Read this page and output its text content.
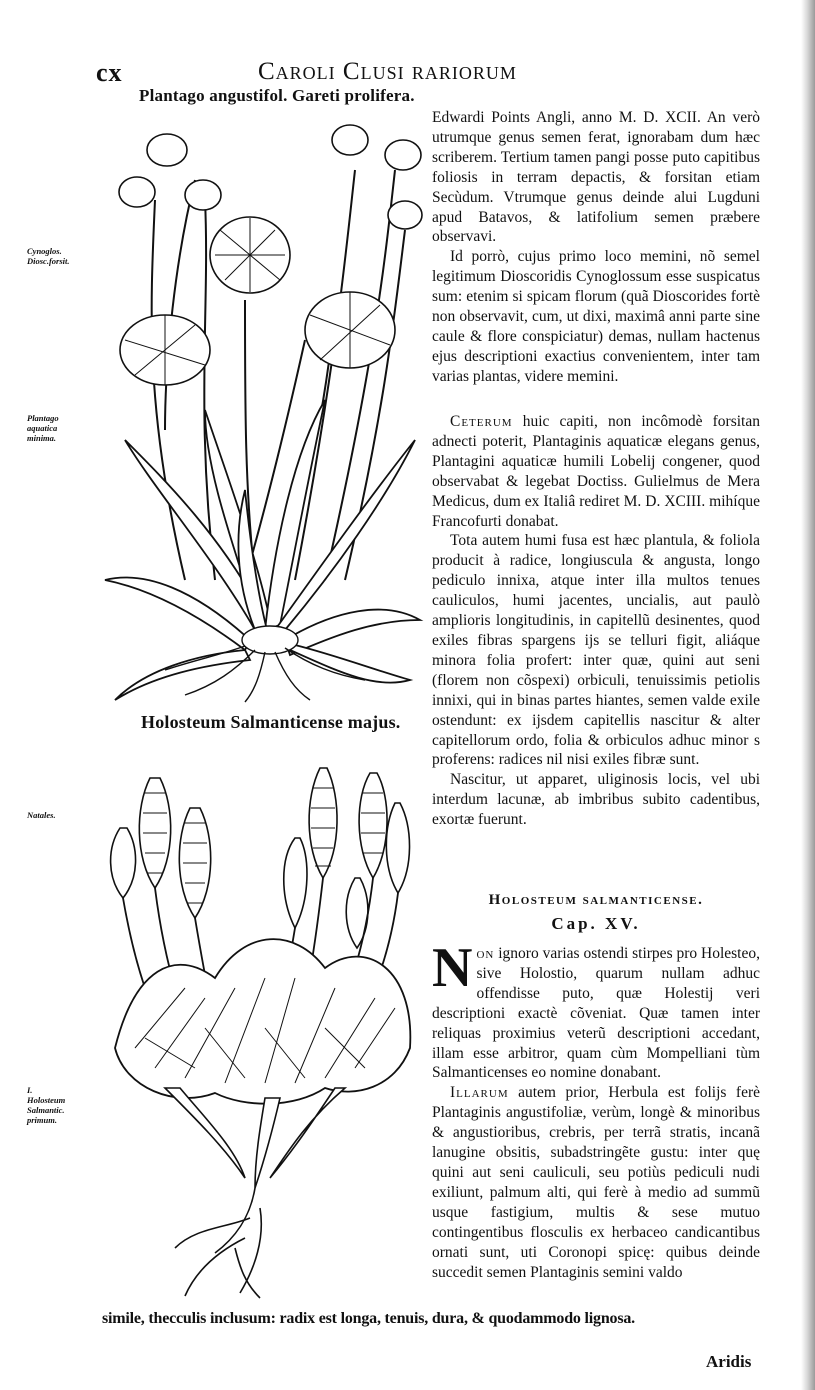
cx	Caroli Clusi rariorum
Plantago angustifol. Gareti prolifera.
Cynoglos.
Diosc.forsit.
Plantago
aquatica
minima.
Natales.
I.
Holosteum
Salmantic.
primum.
Holosteum Salmanticense majus.

Edwardi Points Angli, anno M. D. XCII. An verò utrumque genus semen ferat, ignorabam dum hæc scriberem. Tertium tamen pangi posse puto capitibus foliosis in terram depactis, & forsitan etiam Secùdum. Vtrumque genus deinde alui Lugduni apud Batavos, & latifolium semen præbere observavi.

Id porrò, cujus primo loco memini, nõ semel legitimum Dioscoridis Cynoglossum esse suspicatus sum: etenim si spicam florum (quã Dioscorides fortè non observavit, cum, ut dixi, maximâ anni parte sine caule & flore conspiciatur) demas, nullam hactenus ejus descriptioni exactius convenientem, inter tam varias plantas, videre memini.

Ceterum huic capiti, non incômodè forsitan adnecti poterit, Plantaginis aquaticæ elegans genus, Plantagini aquaticæ humili Lobelij congener, quod observabat & legebat Doctiss. Gulielmus de Mera Medicus, dum ex Italiâ rediret M. D. XCIII. mihíque Francofurti donabat.

Tota autem humi fusa est hæc plantula, & foliola producit à radice, longiuscula & angusta, longo pediculo innixa, atque inter illa multos tenues cauliculos, humi jacentes, uncialis, aut paulò amplioris longitudinis, in capitellũ desinentes, quod exiles fibras spargens ijs se telluri figit, aliáque minora folia profert: inter quæ, quini aut seni (florem non cõspexi) orbiculi, tenuissimis petiolis innixi, qui in binas partes hiantes, semen valde exile ostendunt: ex ijsdem capitellis nascitur & alter capitellorum ordo, folia & orbiculos adhuc minor s proferens: radices nil nisi exiles fibræ sunt.

Nascitur, ut apparet, uliginosis locis, vel ubi interdum lacunæ, ab imbribus subito cadentibus, exortæ fuerunt.

Holosteum salmanticense.
Cap. XV.

Non ignoro varias ostendi stirpes pro Holesteo, sive Holostio, quarum nullam adhuc offendisse puto, quæ Holestij veri descriptioni exactè cõveniat. Quæ tamen inter reliquas proximius veterũ descriptioni accedant, illam esse arbitror, quam cùm Mompelliani tùm Salmanticenses eo nomine donabant.

Illarum autem prior, Herbula est folijs ferè Plantaginis angustifoliæ, verùm, longè & minoribus & angustioribus, crebris, per terrã stratis, incanã lanugine obsitis, subadstringẽte gustu: inter quę quini aut seni cauliculi, seu potiùs pediculi nudi exiliunt, palmum alti, qui ferè à medio ad summũ usque fastigium, multis & sese mutuo contingentibus flosculis ex herbaceo candicantibus ornati sunt, uti Coronopi spicę: quibus deinde succedit semen Plantaginis semini valdo

simile, thecculis inclusum: radix est longa, tenuis, dura, & quodammodo lignosa.
Aridis
